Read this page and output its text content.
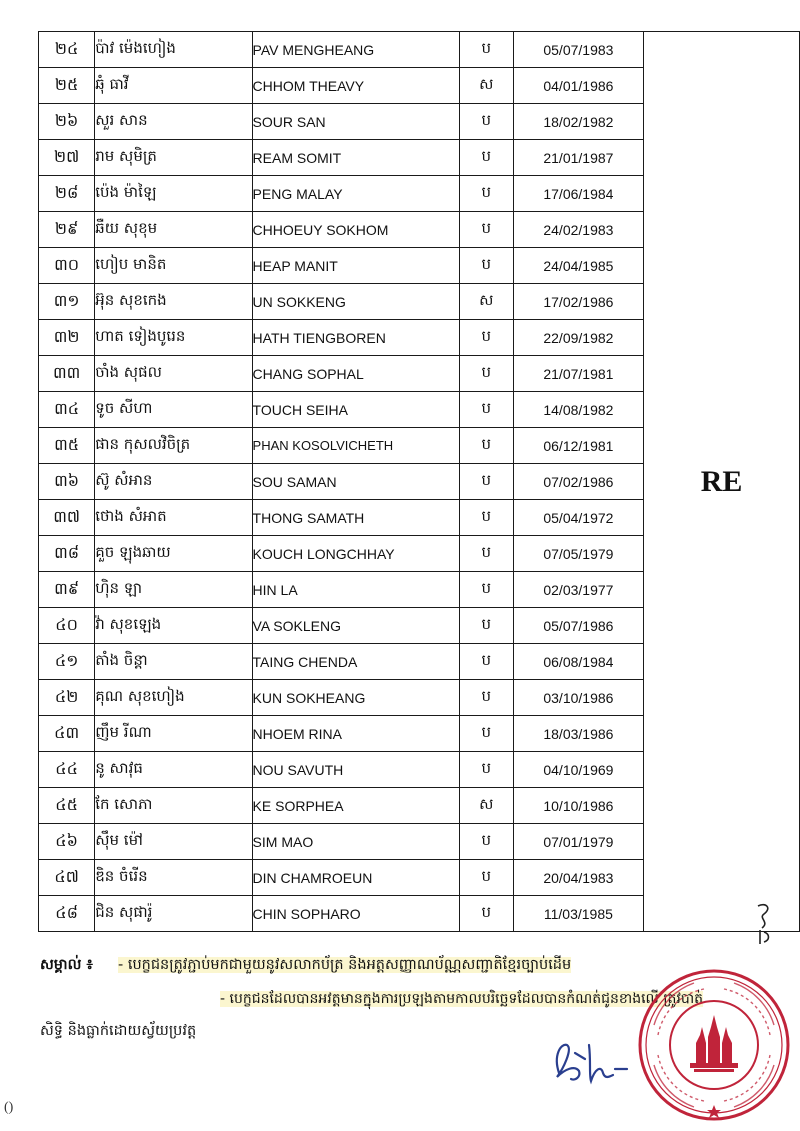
២៤	ប៉ាវ ម៉េងហៀង	PAV MENGHEANG	ប	05/07/1983	RE
២៥	ឆុំ ធាវី	CHHOM THEAVY	ស	04/01/1986	
២៦	សួរ សាន	SOUR SAN	ប	18/02/1982	
២៧	រាម សុមិត្រ	REAM SOMIT	ប	21/01/1987	
២៨	ប៉េង ម៉ាឡៃ	PENG MALAY	ប	17/06/1984	
២៩	ឆឺយ សុខុម	CHHOEUY SOKHOM	ប	24/02/1983	
៣០	ហៀប មានិត	HEAP MANIT	ប	24/04/1985	
៣១	អ៊ុន សុខកេង	UN SOKKENG	ស	17/02/1986	
៣២	ហាត ទៀងបូរេន	HATH TIENGBOREN	ប	22/09/1982	
៣៣	ចាំង សុផល	CHANG SOPHAL	ប	21/07/1981	
៣៤	ទូច សីហា	TOUCH SEIHA	ប	14/08/1982	
៣៥	ផាន កុសលវិចិត្រ	PHAN KOSOLVICHETH	ប	06/12/1981	
៣៦	ស៊ូ សំអាន	SOU SAMAN	ប	07/02/1986	
៣៧	ថោង សំអាត	THONG SAMATH	ប	05/04/1972	
៣៨	គួច ឡុងឆាយ	KOUCH LONGCHHAY	ប	07/05/1979	
៣៩	ហ៊ិន ឡា	HIN LA	ប	02/03/1977	
៤០	វ៉ា សុខឡេង	VA SOKLENG	ប	05/07/1986	
៤១	តាំង ចិន្តា	TAING CHENDA	ប	06/08/1984	
៤២	គុណ សុខហៀង	KUN SOKHEANG	ប	03/10/1986	
៤៣	ញឹម រីណា	NHOEM RINA	ប	18/03/1986	
៤៤	នូ សាវុធ	NOU SAVUTH	ប	04/10/1969	
៤៥	កែ សោភា	KE SORPHEA	ស	10/10/1986	
៤៦	ស៊ឹម ម៉ៅ	SIM MAO	ប	07/01/1979	
៤៧	ឌិន ចំរើន	DIN CHAMROEUN	ប	20/04/1983	
៤៨	ជិន សុផារ៉ូ	CHIN SOPHARO	ប	11/03/1985	
សម្គាល់ ៖ - បេក្ខជនត្រូវភ្ជាប់មកជាមួយនូវសលាកប័ត្រ និងអត្តសញ្ញាណប័ណ្ណសញ្ជាតិខ្មែរច្បាប់ដើម
- បេក្ខជនដែលបានអវត្តមានក្នុងការប្រឡងតាមកាលបរិច្ឆេទដែលបានកំណត់ជូនខាងលើ ត្រូវបាត់
សិទ្ធិ និងធ្លាក់ដោយស្វ័យប្រវត្ត
()
